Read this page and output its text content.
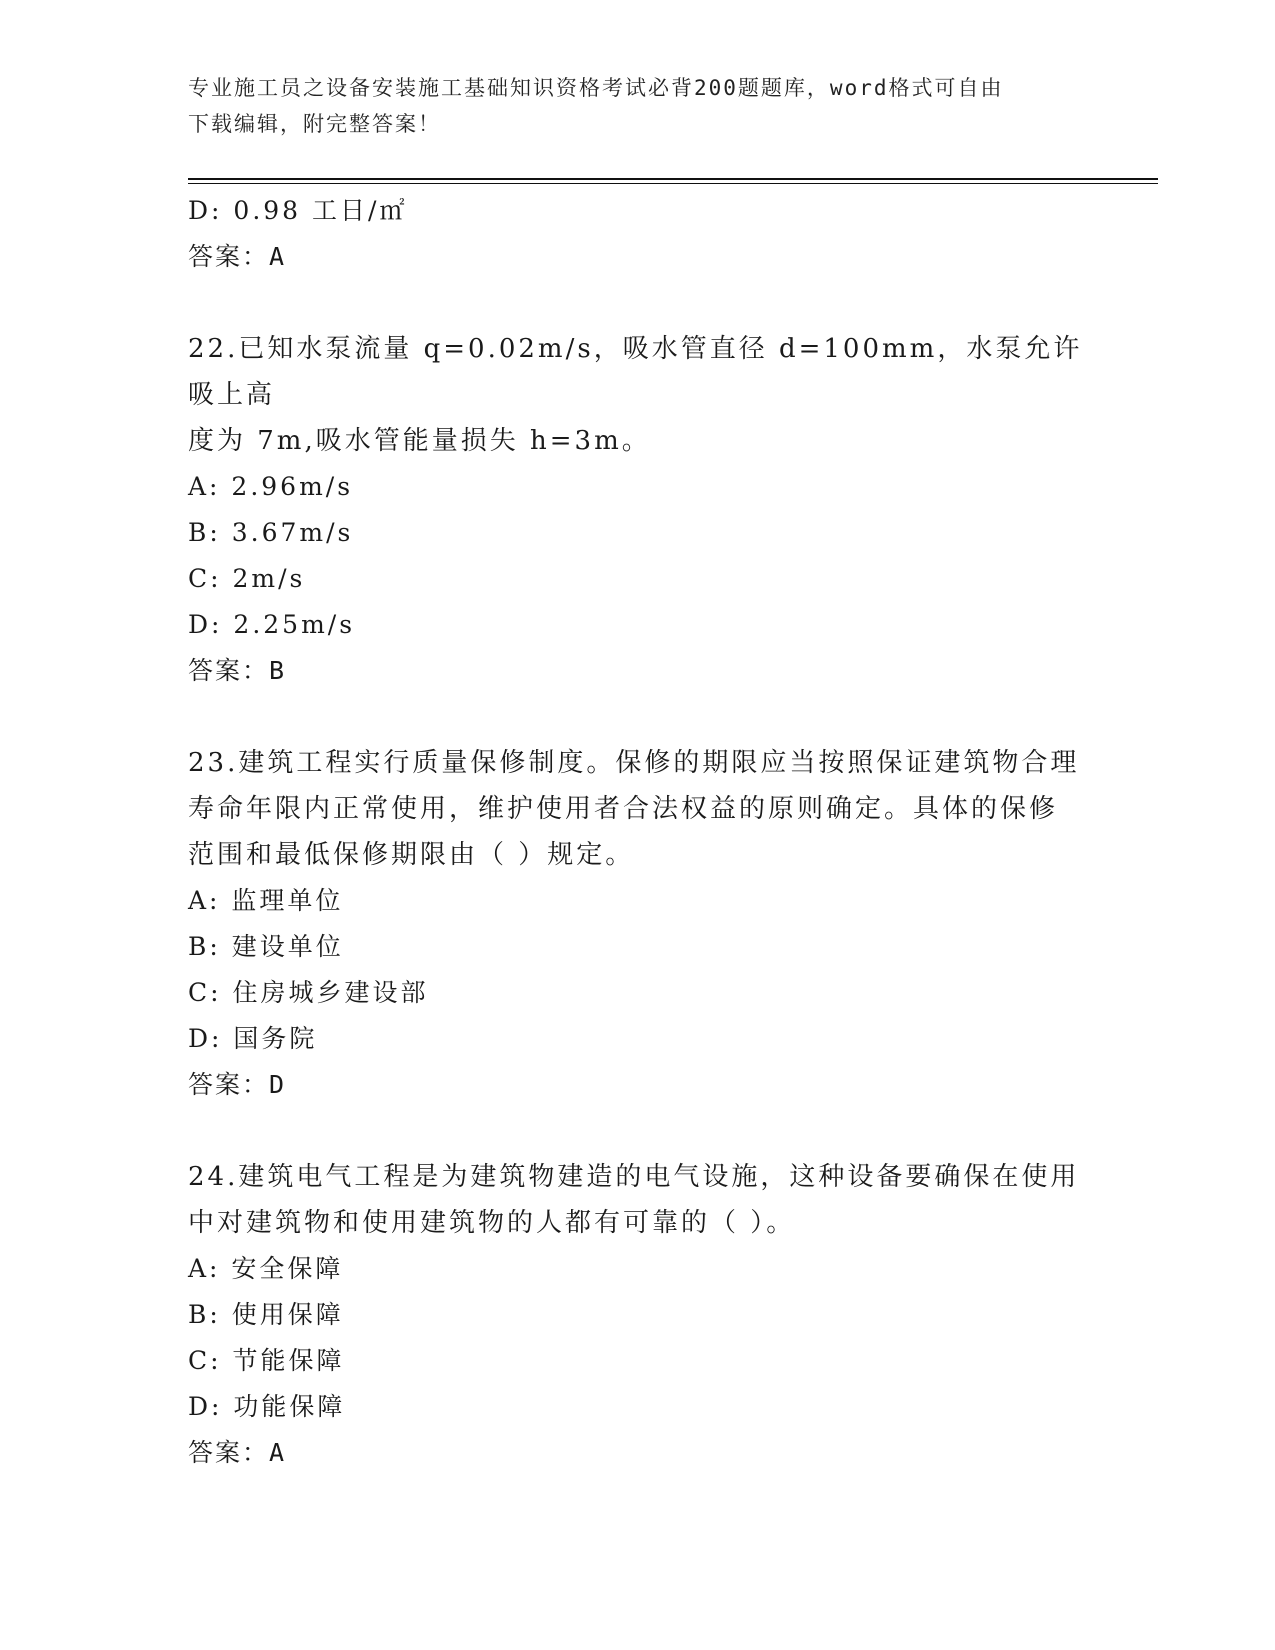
专业施工员之设备安装施工基础知识资格考试必背200题题库，word格式可自由
下载编辑，附完整答案！
D: 0.98 工日/㎡
答案：A
22.已知水泵流量 q=0.02m/s，吸水管直径 d=100mm，水泵允许吸上高
度为 7m,吸水管能量损失 h=3m。
A: 2.96m/s
B: 3.67m/s
C: 2m/s
D: 2.25m/s
答案：B
23.建筑工程实行质量保修制度。保修的期限应当按照保证建筑物合理
寿命年限内正常使用，维护使用者合法权益的原则确定。具体的保修
范围和最低保修期限由（ ）规定。
A: 监理单位
B: 建设单位
C: 住房城乡建设部
D: 国务院
答案：D
24.建筑电气工程是为建筑物建造的电气设施，这种设备要确保在使用
中对建筑物和使用建筑物的人都有可靠的（ ）。
A: 安全保障
B: 使用保障
C: 节能保障
D: 功能保障
答案：A
